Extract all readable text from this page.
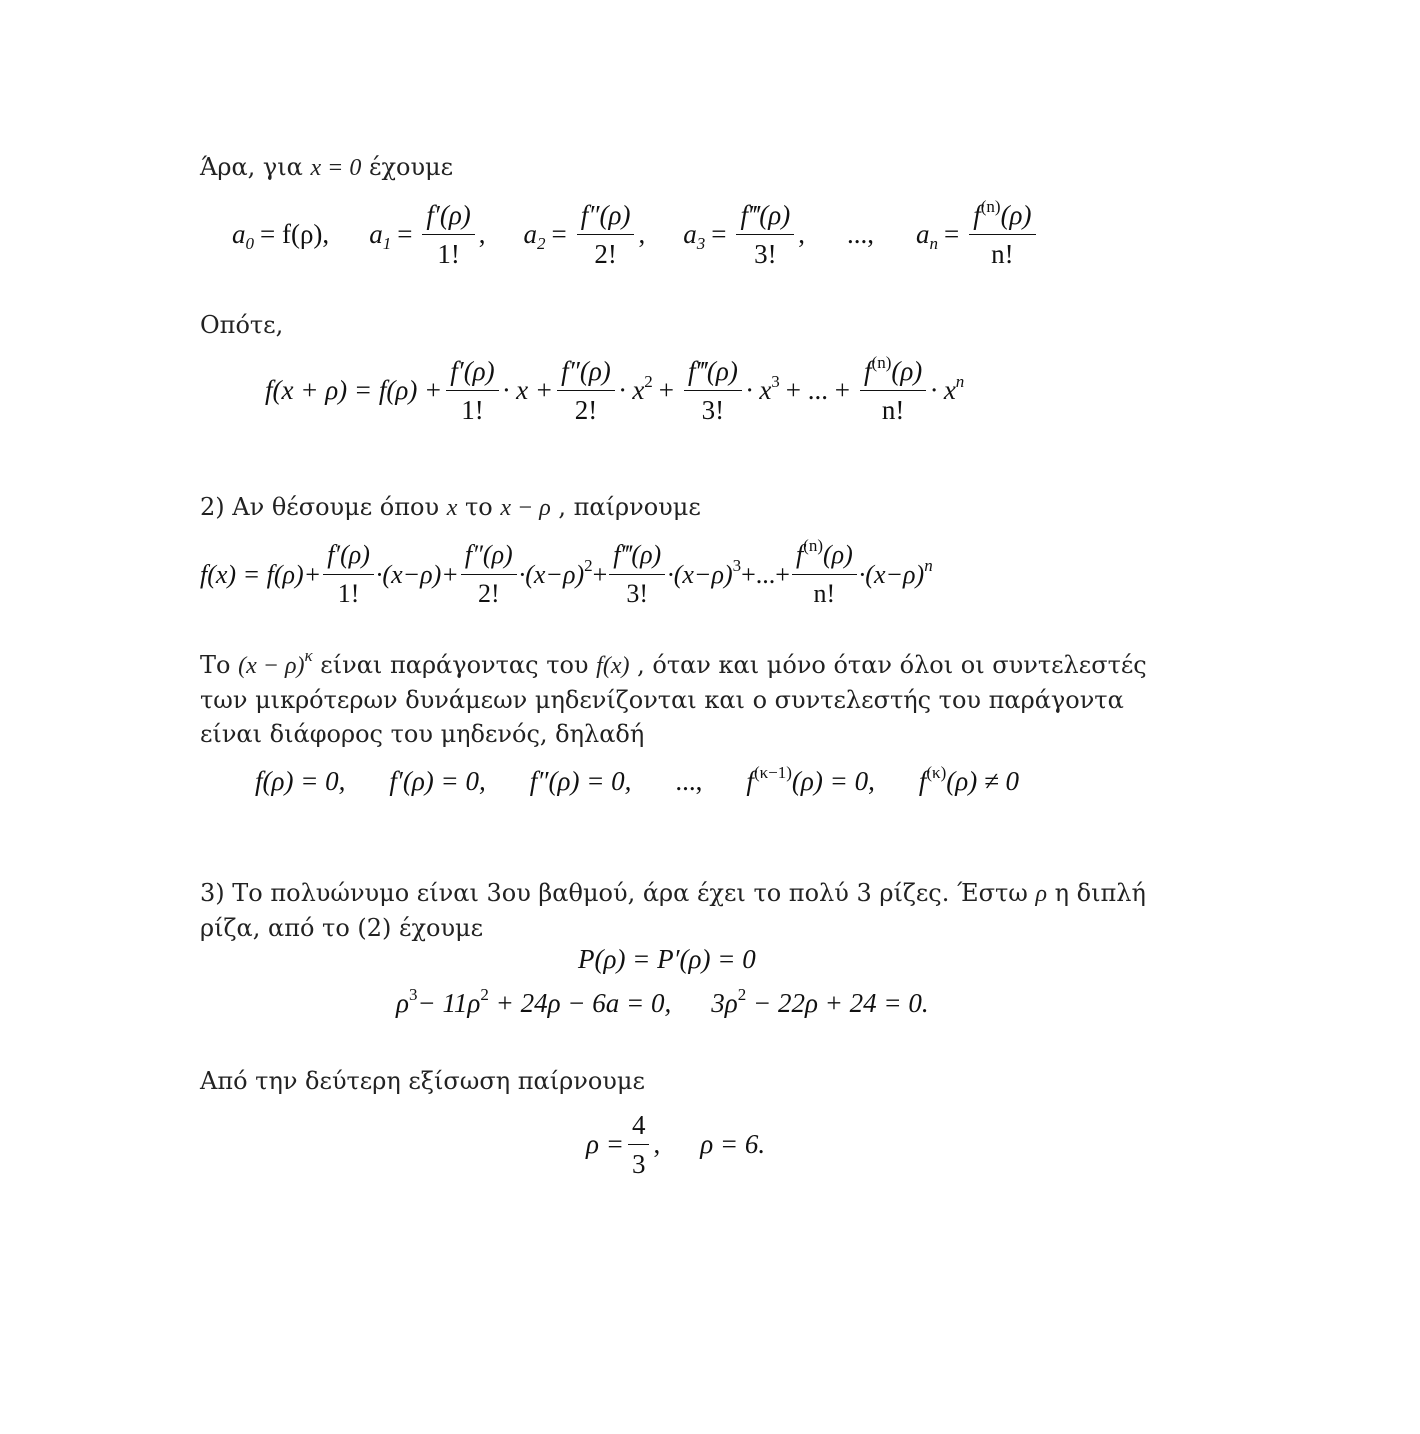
Άρα, για x = 0 έχουμε
$a_0 = f(\rho)$, $a_1 = \frac{f'(\rho)}{1!}$ , $a_2 = \frac{f''(\rho)}{2!}$ , $a_3 = \frac{f‴(\rho)}{3!}$ , ..., $a_n = \frac{f^{(n)}(\rho)}{n!}$
Οπότε,
$f(x + \rho) = f(\rho) + \frac{f'(\rho)}{1!} \cdot x + \frac{f''(\rho)}{2!} \cdot x^2 + \frac{f‴(\rho)}{3!} \cdot x^3$ + ... + $\frac{f^{(n)}(\rho)}{n!} \cdot x^n$
2) Αν θέσουμε όπου x το x − ρ , παίρνουμε
$f(x) = f(\rho)+ \frac{f'(\rho)}{1!} \cdot(x-\rho)+ \frac{f''(\rho)}{2!} \cdot(x-\rho)^2 + \frac{f‴(\rho)}{3!} \cdot(x-\rho)^3$ +...+ $\frac{f^{(n)}(\rho)}{n!} \cdot(x-\rho)^n$
Το $(x - \rho)^\kappa$ είναι παράγοντας του f(x) , όταν και μόνο όταν όλοι οι συντελεστές των μικρότερων δυνάμεων μηδενίζονται και ο συντελεστής του παράγοντα είναι διάφορος του μηδενός, δηλαδή
f(ρ) = 0, f′(ρ) = 0, f″(ρ) = 0, ..., $f^{(\kappa-1)}(\rho) = 0$, $f^{(\kappa)}(\rho) \ne 0$
3) Το πολυώνυμο είναι 3ου βαθμού, άρα έχει το πολύ 3 ρίζες. Έστω ρ η διπλή ρίζα, από το (2) έχουμε
P(ρ) = P′(ρ) = 0
$\rho^3- 11\rho^2 + 24\rho - 6a = 0$, $3\rho^2 - 22\rho + 24 = 0$.
Από την δεύτερη εξίσωση παίρνουμε
$\rho = \frac{4}{3}$ , ρ = 6.
